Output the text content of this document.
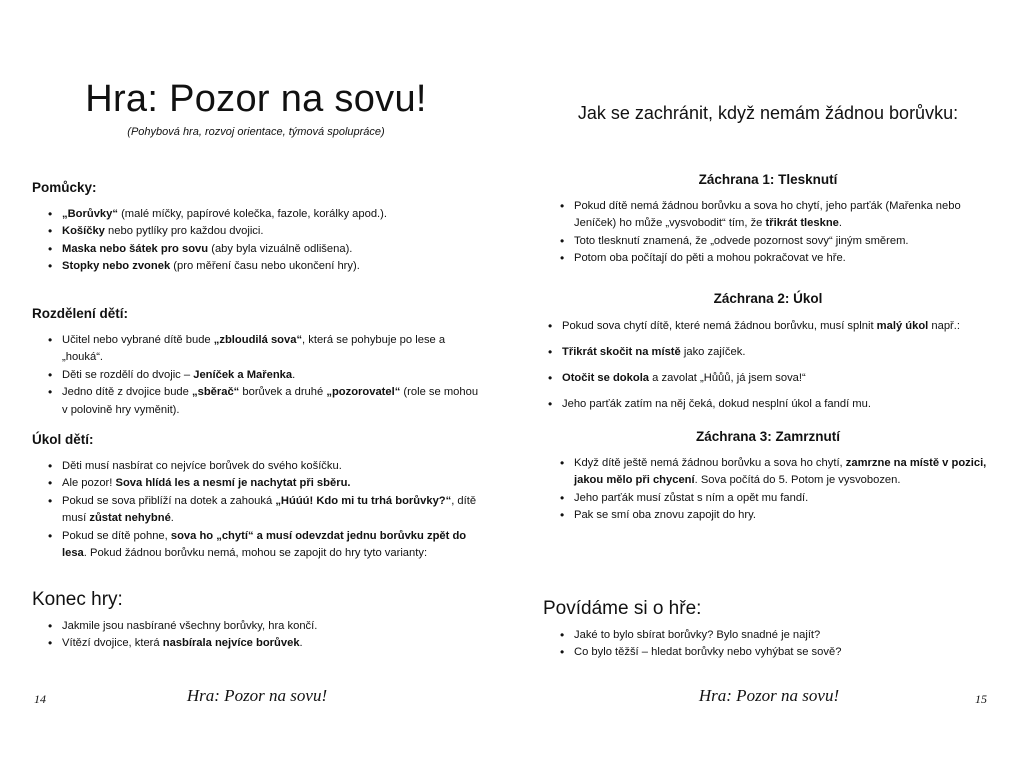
Hra: Pozor na sovu!
(Pohybová hra, rozvoj orientace, týmová spolupráce)
Pomůcky:
• „Borůvky“ (malé míčky, papírové kolečka, fazole, korálky apod.).
• Košíčky nebo pytlíky pro každou dvojici.
• Maska nebo šátek pro sovu (aby byla vizuálně odlišena).
• Stopky nebo zvonek (pro měření času nebo ukončení hry).
Rozdělení dětí:
• Učitel nebo vybrané dítě bude „zbloudilá sova“, která se pohybuje po lese a „houká“.
• Děti se rozdělí do dvojic – Jeníček a Mařenka.
• Jedno dítě z dvojice bude „sběrač“ borůvek a druhé „pozorovatel“ (role se mohou v polovině hry vyměnit).
Úkol dětí:
• Děti musí nasbírat co nejvíce borůvek do svého košíčku.
• Ale pozor! Sova hlídá les a nesmí je nachytat při sběru.
• Pokud se sova přiblíží na dotek a zahouká „Húúú! Kdo mi tu trhá borůvky?“, dítě musí zůstat nehybné.
• Pokud se dítě pohne, sova ho „chytí“ a musí odevzdat jednu borůvku zpět do lesa. Pokud žádnou borůvku nemá, mohou se zapojit do hry tyto varianty:
Konec hry:
• Jakmile jsou nasbírané všechny borůvky, hra končí.
• Vítězí dvojice, která nasbírala nejvíce borůvek.
14	Hra: Pozor na sovu!
Jak se zachránit, když nemám žádnou borůvku:
Záchrana 1: Tlesknutí
• Pokud dítě nemá žádnou borůvku a sova ho chytí, jeho parťák (Mařenka nebo Jeníček) ho může „vysvobodit“ tím, že třikrát tleskne.
• Toto tlesknutí znamená, že „odvede pozornost sovy“ jiným směrem.
• Potom oba počítají do pěti a mohou pokračovat ve hře.
Záchrana 2: Úkol
• Pokud sova chytí dítě, které nemá žádnou borůvku, musí splnit malý úkol např.:
• Třikrát skočit na místě jako zajíček.
• Otočit se dokola a zavolat „Hůůů, já jsem sova!“
• Jeho parťák zatím na něj čeká, dokud nesplní úkol a fandí mu.
Záchrana 3: Zamrznutí
• Když dítě ještě nemá žádnou borůvku a sova ho chytí, zamrzne na místě v pozici, jakou mělo při chycení. Sova počítá do 5. Potom je vysvobozen.
• Jeho parťák musí zůstat s ním a opět mu fandí.
• Pak se smí oba znovu zapojit do hry.
Povídáme si o hře:
• Jaké to bylo sbírat borůvky? Bylo snadné je najít?
• Co bylo těžší – hledat borůvky nebo vyhýbat se sově?
Hra: Pozor na sovu!	15
